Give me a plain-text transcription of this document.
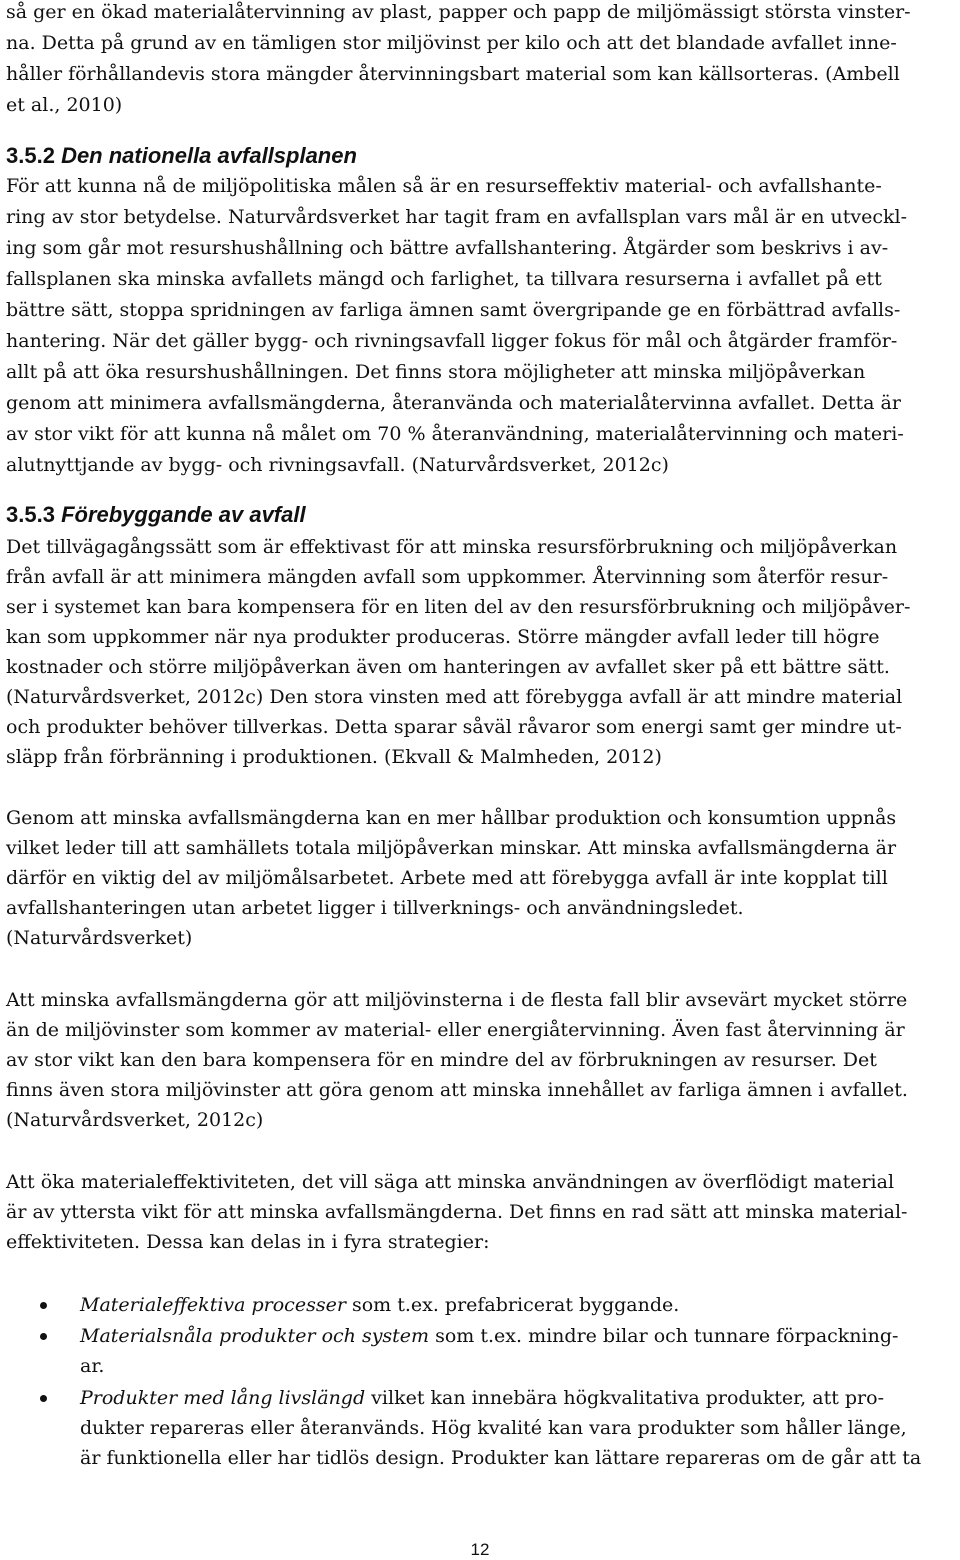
så ger en ökad materialåtervinning av plast, papper och papp de miljömässigt största vinster-
na. Detta på grund av en tämligen stor miljövinst per kilo och att det blandade avfallet inne-
håller förhållandevis stora mängder återvinningsbart material som kan källsorteras. (Ambell
et al., 2010)
3.5.2 Den nationella avfallsplanen
För att kunna nå de miljöpolitiska målen så är en resurseffektiv material- och avfallshante-
ring av stor betydelse. Naturvårdsverket har tagit fram en avfallsplan vars mål är en utveckl-
ing som går mot resurshushållning och bättre avfallshantering. Åtgärder som beskrivs i av-
fallsplanen ska minska avfallets mängd och farlighet, ta tillvara resurserna i avfallet på ett
bättre sätt, stoppa spridningen av farliga ämnen samt övergripande ge en förbättrad avfalls-
hantering. När det gäller bygg- och rivningsavfall ligger fokus för mål och åtgärder framför-
allt på att öka resurshushållningen. Det finns stora möjligheter att minska miljöpåverkan
genom att minimera avfallsmängderna, återanvända och materialåtervinna avfallet. Detta är
av stor vikt för att kunna nå målet om 70 % återanvändning, materialåtervinning och materi-
alutnyttjande av bygg- och rivningsavfall. (Naturvårdsverket, 2012c)
3.5.3 Förebyggande av avfall
Det tillvägagångssätt som är effektivast för att minska resursförbrukning och miljöpåverkan
från avfall är att minimera mängden avfall som uppkommer. Återvinning som återför resur-
ser i systemet kan bara kompensera för en liten del av den resursförbrukning och miljöpåver-
kan som uppkommer när nya produkter produceras. Större mängder avfall leder till högre
kostnader och större miljöpåverkan även om hanteringen av avfallet sker på ett bättre sätt.
(Naturvårdsverket, 2012c) Den stora vinsten med att förebygga avfall är att mindre material
och produkter behöver tillverkas. Detta sparar såväl råvaror som energi samt ger mindre ut-
släpp från förbränning i produktionen. (Ekvall & Malmheden, 2012)
Genom att minska avfallsmängderna kan en mer hållbar produktion och konsumtion uppnås
vilket leder till att samhällets totala miljöpåverkan minskar. Att minska avfallsmängderna är
därför en viktig del av miljömålsarbetet. Arbete med att förebygga avfall är inte kopplat till
avfallshanteringen utan arbetet ligger i tillverknings- och användningsledet.
(Naturvårdsverket)
Att minska avfallsmängderna gör att miljövinsterna i de flesta fall blir avsevärt mycket större
än de miljövinster som kommer av material- eller energiåtervinning. Även fast återvinning är
av stor vikt kan den bara kompensera för en mindre del av förbrukningen av resurser. Det
finns även stora miljövinster att göra genom att minska innehållet av farliga ämnen i avfallet.
(Naturvårdsverket, 2012c)
Att öka materialeffektiviteten, det vill säga att minska användningen av överflödigt material
är av yttersta vikt för att minska avfallsmängderna. Det finns en rad sätt att minska material-
effektiviteten. Dessa kan delas in i fyra strategier:
Materialeffektiva processer som t.ex. prefabricerat byggande.
Materialsnåla produkter och system som t.ex. mindre bilar och tunnare förpackning-
ar.
Produkter med lång livslängd vilket kan innebära högkvalitativa produkter, att pro-
dukter repareras eller återanvänds. Hög kvalité kan vara produkter som håller länge,
är funktionella eller har tidlös design. Produkter kan lättare repareras om de går att ta
12
